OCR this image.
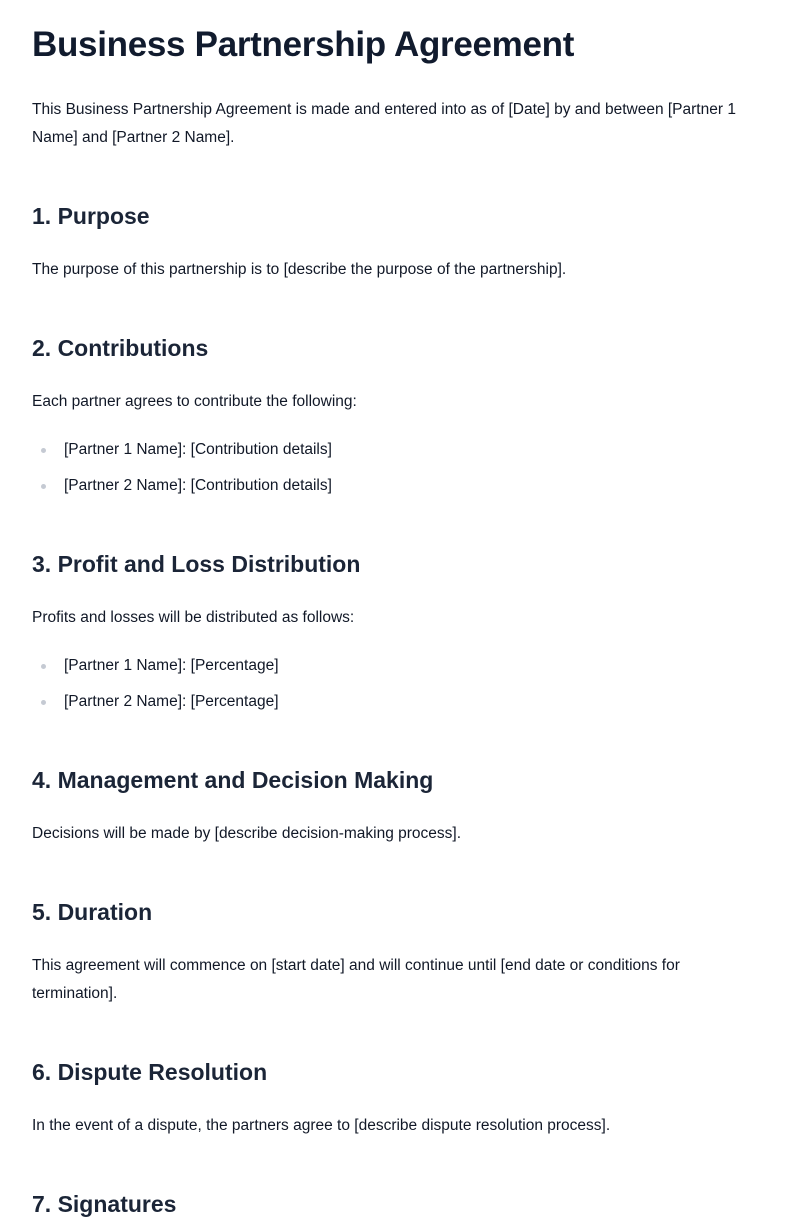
Business Partnership Agreement

This Business Partnership Agreement is made and entered into as of [Date] by and between [Partner 1 Name] and [Partner 2 Name].

1. Purpose

The purpose of this partnership is to [describe the purpose of the partnership].

2. Contributions

Each partner agrees to contribute the following:

[Partner 1 Name]: [Contribution details]
[Partner 2 Name]: [Contribution details]
3. Profit and Loss Distribution

Profits and losses will be distributed as follows:

[Partner 1 Name]: [Percentage]
[Partner 2 Name]: [Percentage]
4. Management and Decision Making

Decisions will be made by [describe decision-making process].

5. Duration

This agreement will commence on [start date] and will continue until [end date or conditions for termination].

6. Dispute Resolution

In the event of a dispute, the partners agree to [describe dispute resolution process].

7. Signatures
